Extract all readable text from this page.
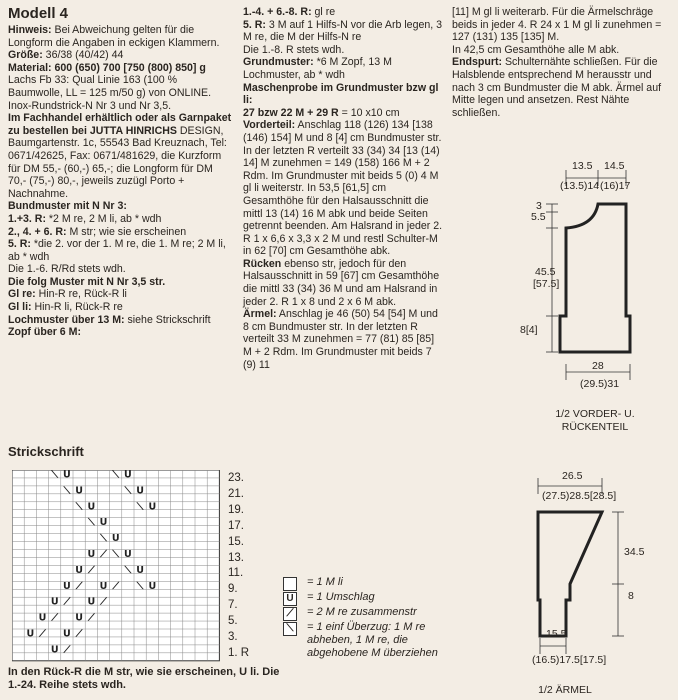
Modell 4

Hinweis: Bei Abweichung gelten für die Longform die Angaben in eckigen Klammern.

Größe: 36/38 (40/42) 44

Material: 600 (650) 700 [750 (800) 850] g Lachs Fb 33: Qual Linie 163 (100 % Baumwolle, LL = 125 m/50 g) von ONLINE. Inox-Rundstrick-N Nr 3 und Nr 3,5.

Im Fachhandel erhältlich oder als Garnpaket zu bestellen bei JUTTA HINRICHS DESIGN, Baumgartenstr. 1c, 55543 Bad Kreuznach, Tel: 0671/42625, Fax: 0671/481629, die Kurzform für DM 55,- (60,-) 65,-; die Longform für DM 70,- (75,-) 80,-, jeweils zuzügl Porto + Nachnahme.

Bundmuster mit N Nr 3:

1.+3. R: *2 M re, 2 M li, ab * wdh

2., 4. + 6. R: M str; wie sie erscheinen

5. R: *die 2. vor der 1. M re, die 1. M re; 2 M li, ab * wdh

Die 1.-6. R/Rd stets wdh.

Die folg Muster mit N Nr 3,5 str.

Gl re: Hin-R re, Rück-R li

Gl li: Hin-R li, Rück-R re

Lochmuster über 13 M: siehe Strickschrift

Zopf über 6 M:

1.-4. + 6.-8. R: gl re

5. R: 3 M auf 1 Hilfs-N vor die Arb legen, 3 M re, die M der Hilfs-N re

Die 1.-8. R stets wdh.

Grundmuster: *6 M Zopf, 13 M Lochmuster, ab * wdh

Maschenprobe im Grundmuster bzw gl li:

27 bzw 22 M + 29 R = 10 x10 cm

Vorderteil: Anschlag 118 (126) 134 [138 (146) 154] M und 8 [4] cm Bundmuster str. In der letzten R verteilt 33 (34) 34 [13 (14) 14] M zunehmen = 149 (158) 166 M + 2 Rdm. Im Grundmuster mit beids 5 (0) 4 M gl li weiterstr. In 53,5 [61,5] cm Gesamthöhe für den Halsausschnitt die mittl 13 (14) 16 M abk und beide Seiten getrennt beenden. Am Halsrand in jeder 2. R 1 x 6,6 x 3,3 x 2 M und restl Schulter-M in 62 [70] cm Gesamthöhe abk.

Rücken ebenso str, jedoch für den Halsausschnitt in 59 [67] cm Gesamthöhe die mittl 33 (34) 36 M und am Halsrand in jeder 2. R 1 x 8 und 2 x 6 M abk.

Ärmel: Anschlag je 46 (50) 54 [54] M und 8 cm Bundmuster str. In der letzten R verteilt 33 M zunehmen = 77 (81) 85 [85] M + 2 Rdm. Im Grundmuster mit beids 7 (9) 11

[11] M gl li weiterarb. Für die Ärmelschräge beids in jeder 4. R 24 x 1 M gl li zunehmen = 127 (131) 135 [135] M.

In 42,5 cm Gesamthöhe alle M abk.

Endspurt: Schulternähte schließen. Für die Halsblende entsprechend M herausstr und nach 3 cm Bundmuster die M abk. Ärmel auf Mitte legen und ansetzen. Rest Nähte schließen.

13.5
(13.5)14
14.5
(16)17
3
5.5
45.5
[57.5]
8[4]
28
(29.5)31
1/2 VORDER- U.
RÜCKENTEIL
26.5
(27.5)28.5[28.5]
34.5
8
15.5
(16.5)17.5[17.5]
1/2 ÄRMEL
Strickschrift
⟍ U	⟍ U
⟍ U	⟍ U
⟍ U	⟍ U
⟍ U
⟍ U
U ⟋ ⟍ U
U ⟋	⟍ U
U ⟋ U ⟋ ⟍ U
U ⟋ U ⟋
U ⟋ U ⟋
U ⟋ U ⟋
U ⟋
23.
21.
19.
17.
15.
13.
11.
9.
7.
5.
3.
1. R
= 1 M li
U	= 1 Umschlag
⟋	= 2 M re zusammenstr
⟍	= 1 einf Überzug: 1 M re abheben, 1 M re, die abgehobene M überziehen
In den Rück-R die M str, wie sie erscheinen, U li. Die 1.-24. Reihe stets wdh.
